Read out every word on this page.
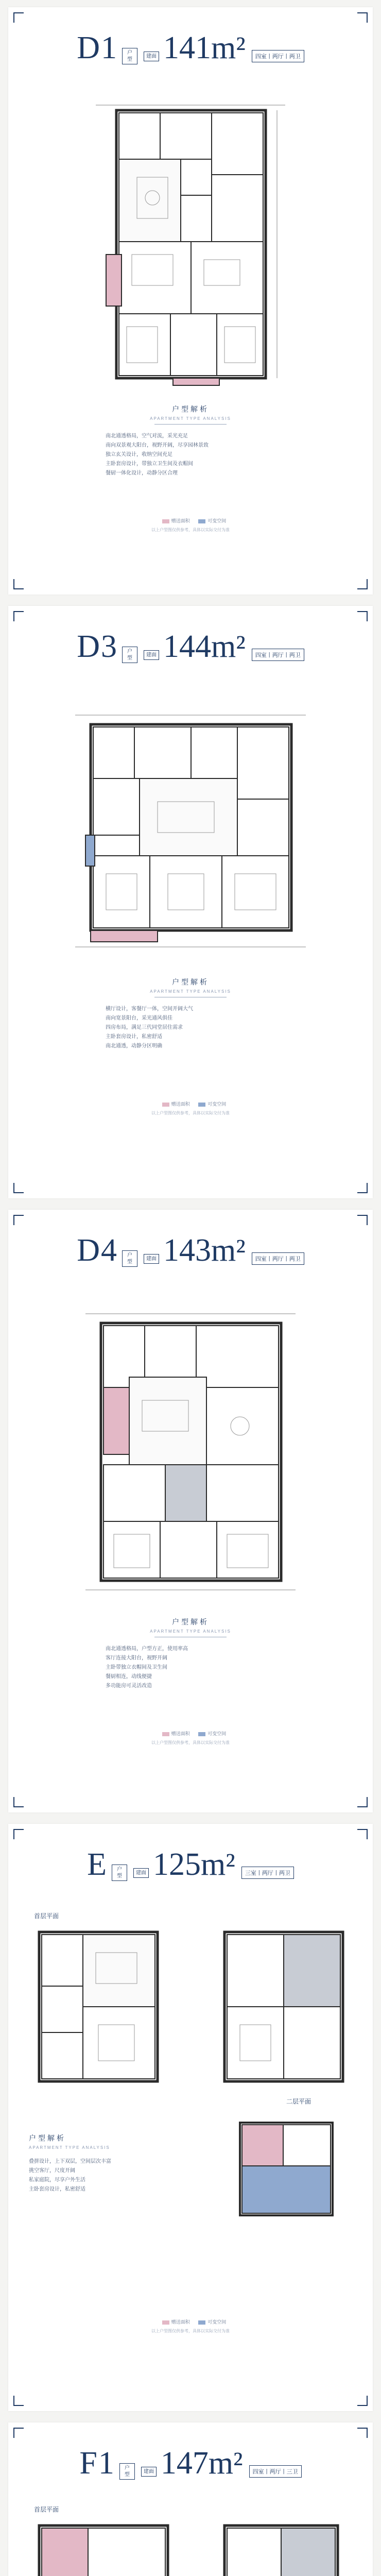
D1 户
型 建面 141m² 四室丨两厅丨两卫
户型解析
APARTMENT TYPE ANALYSIS
南北通透格局，空气对流，采光充足
南向双景观大阳台，视野开阔，尽享园林景致
独立玄关设计，收纳空间充足
主卧套房设计，带独立卫生间及衣帽间
餐厨一体化设计，动静分区合理
赠送面积	可变空间
以上户型图仅供参考，具体以实际交付为准
D3 户
型 建面 144m² 四室丨两厅丨两卫
户型解析
APARTMENT TYPE ANALYSIS
横厅设计，客餐厅一体，空间开阔大气
南向宽景阳台，采光通风俱佳
四房布局，满足三代同堂居住需求
主卧套房设计，私密舒适
南北通透，动静分区明确
赠送面积	可变空间
以上户型图仅供参考，具体以实际交付为准
D4 户
型 建面 143m² 四室丨两厅丨两卫
户型解析
APARTMENT TYPE ANALYSIS
南北通透格局，户型方正，使用率高
客厅连接大阳台，视野开阔
主卧带独立衣帽间及卫生间
餐厨相连，动线便捷
多功能房可灵活改造
赠送面积	可变空间
以上户型图仅供参考，具体以实际交付为准
E 户
型 建面 125m² 三室丨两厅丨两卫
首层平面
二层平面
户型解析
APARTMENT TYPE ANALYSIS
叠拼设计，上下双层，空间层次丰富
挑空客厅，尺度开阔
私家庭院，尽享户外生活
主卧套房设计，私密舒适
赠送面积	可变空间
以上户型图仅供参考，具体以实际交付为准
F1 户
型 建面 147m² 四室丨两厅丨三卫
首层平面
